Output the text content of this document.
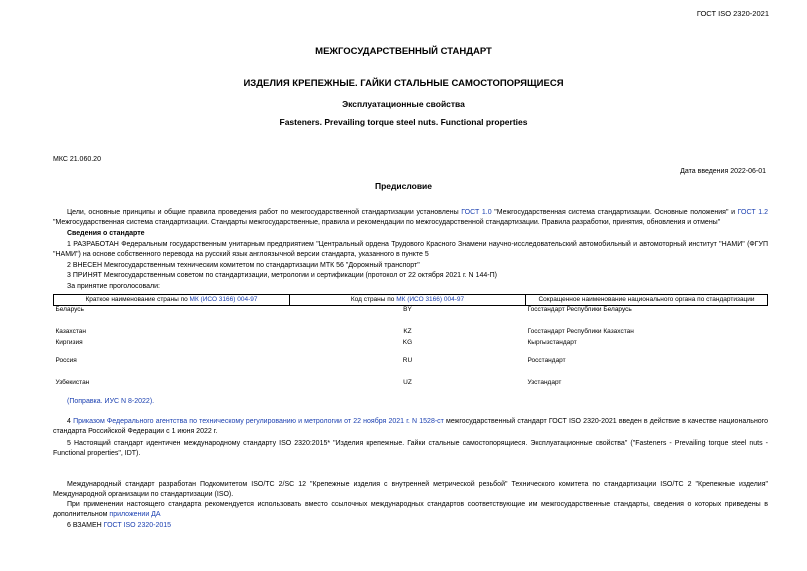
ГОСТ ISO 2320-2021
МЕЖГОСУДАРСТВЕННЫЙ СТАНДАРТ
ИЗДЕЛИЯ КРЕПЕЖНЫЕ. ГАЙКИ СТАЛЬНЫЕ САМОСТОПОРЯЩИЕСЯ
Эксплуатационные свойства
Fasteners. Prevailing torque steel nuts. Functional properties
МКС 21.060.20
Дата введения 2022-06-01
Предисловие
Цели, основные принципы и общие правила проведения работ по межгосударственной стандартизации установлены ГОСТ 1.0 "Межгосударственная система стандартизации. Основные положения" и ГОСТ 1.2 "Межгосударственная система стандартизации. Стандарты межгосударственные, правила и рекомендации по межгосударственной стандартизации. Правила разработки, принятия, обновления и отмены"
Сведения о стандарте
1 РАЗРАБОТАН Федеральным государственным унитарным предприятием "Центральный ордена Трудового Красного Знамени научно-исследовательский автомобильный и автомоторный институт "НАМИ" (ФГУП "НАМИ") на основе собственного перевода на русский язык англоязычной версии стандарта, указанного в пункте 5
2 ВНЕСЕН Межгосударственным техническим комитетом по стандартизации МТК 56 "Дорожный транспорт"
3 ПРИНЯТ Межгосударственным советом по стандартизации, метрологии и сертификации (протокол от 22 октября 2021 г. N 144-П)
За принятие проголосовали:
Краткое наименование страны по МК (ИСО 3166) 004-97	Код страны по МК (ИСО 3166) 004-97	Сокращенное наименование национального органа по стандартизации
Беларусь	BY	Госстандарт Республики Беларусь
Казахстан	KZ	Госстандарт Республики Казахстан
Киргизия	KG	Кыргызстандарт
Россия	RU	Росстандарт
Узбекистан	UZ	Узстандарт
(Поправка. ИУС N 8-2022).
4 Приказом Федерального агентства по техническому регулированию и метрологии от 22 ноября 2021 г. N 1528-ст межгосударственный стандарт ГОСТ ISO 2320-2021 введен в действие в качестве национального стандарта Российской Федерации с 1 июня 2022 г.
5 Настоящий стандарт идентичен международному стандарту ISO 2320:2015* "Изделия крепежные. Гайки стальные самостопорящиеся. Эксплуатационные свойства" ("Fasteners - Prevailing torque steel nuts - Functional properties", IDT).
Международный стандарт разработан Подкомитетом ISO/TC 2/SC 12 "Крепежные изделия с внутренней метрической резьбой" Технического комитета по стандартизации ISO/TC 2 "Крепежные изделия" Международной организации по стандартизации (ISO).
При применении настоящего стандарта рекомендуется использовать вместо ссылочных международных стандартов соответствующие им межгосударственные стандарты, сведения о которых приведены в дополнительном приложении ДА
6 ВЗАМЕН ГОСТ ISO 2320-2015
